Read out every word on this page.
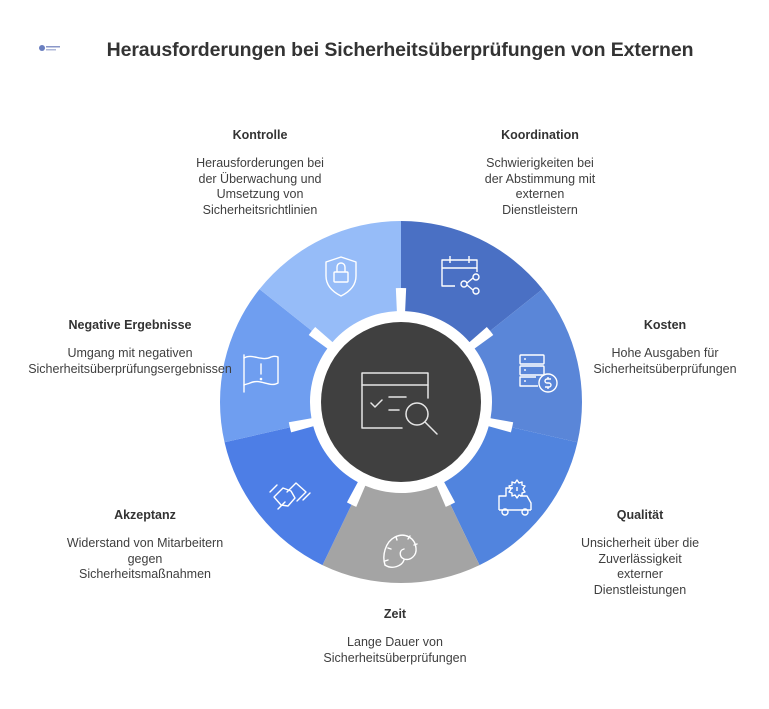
Herausforderungen bei Sicherheitsüberprüfungen von Externen
Kontrolle
Herausforderungen bei
der Überwachung und
Umsetzung von
Sicherheitsrichtlinien
Koordination
Schwierigkeiten bei
der Abstimmung mit
externen
Dienstleistern
Negative Ergebnisse
Umgang mit negativen
Sicherheitsüberprüfungsergebnissen
Kosten
Hohe Ausgaben für
Sicherheitsüberprüfungen
Akzeptanz
Widerstand von Mitarbeitern
gegen
Sicherheitsmaßnahmen
Qualität
Unsicherheit über die
Zuverlässigkeit
externer
Dienstleistungen
Zeit
Lange Dauer von
Sicherheitsüberprüfungen
